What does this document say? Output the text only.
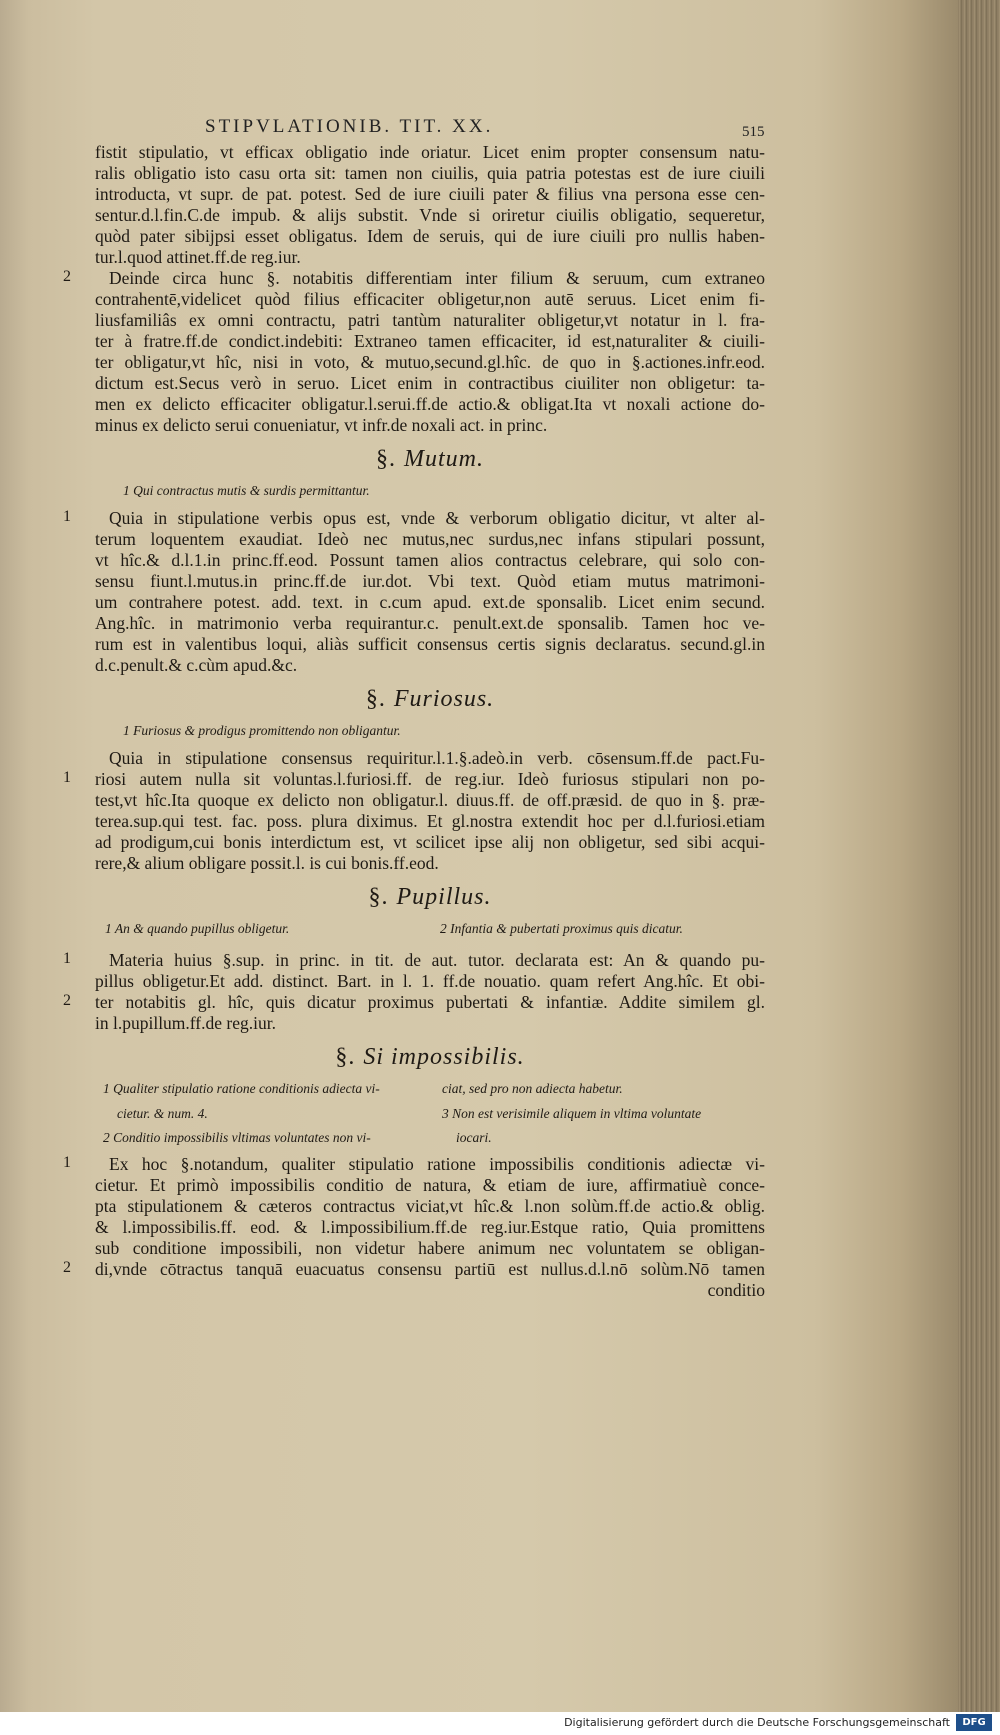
STIPVLATIONIB. TIT. XX.	515
fistit stipulatio, vt efficax obligatio inde oriatur. Licet enim propter consensum natu-
ralis obligatio isto casu orta sit: tamen non ciuilis, quia patria potestas est de iure ciuili
introducta, vt supr. de pat. potest. Sed de iure ciuili pater & filius vna persona esse cen-
sentur.d.l.fin.C.de impub. & alijs substit. Vnde si oriretur ciuilis obligatio, sequeretur,
quòd pater sibijpsi esset obligatus. Idem de seruis, qui de iure ciuili pro nullis haben-
tur.l.quod attinet.ff.de reg.iur.
2	Deinde circa hunc §. notabitis differentiam inter filium & seruum, cum extraneo
contrahentē,videlicet quòd filius efficaciter obligetur,non autē seruus. Licet enim fi-
liusfamiliâs ex omni contractu, patri tantùm naturaliter obligetur,vt notatur in l. fra-
ter à fratre.ff.de condict.indebiti: Extraneo tamen efficaciter, id est,naturaliter & ciuili-
ter obligatur,vt hîc, nisi in voto, & mutuo,secund.gl.hîc. de quo in §.actiones.infr.eod.
dictum est.Secus verò in seruo. Licet enim in contractibus ciuiliter non obligetur: ta-
men ex delicto efficaciter obligatur.l.serui.ff.de actio.& obligat.Ita vt noxali actione do-
minus ex delicto serui conueniatur, vt infr.de noxali act. in princ.
§. Mutum.
1 Qui contractus mutis & surdis permittantur.
1	Quia in stipulatione verbis opus est, vnde & verborum obligatio dicitur, vt alter al-
terum loquentem exaudiat. Ideò nec mutus,nec surdus,nec infans stipulari possunt,
vt hîc.& d.l.1.in princ.ff.eod. Possunt tamen alios contractus celebrare, qui solo con-
sensu fiunt.l.mutus.in princ.ff.de iur.dot. Vbi text. Quòd etiam mutus matrimoni-
um contrahere potest. add. text. in c.cum apud. ext.de sponsalib. Licet enim secund.
Ang.hîc. in matrimonio verba requirantur.c. penult.ext.de sponsalib. Tamen hoc ve-
rum est in valentibus loqui, aliàs sufficit consensus certis signis declaratus. secund.gl.in
d.c.penult.& c.cùm apud.&c.
§. Furiosus.
1 Furiosus & prodigus promittendo non obligantur.
1
Quia in stipulatione consensus requiritur.l.1.§.adeò.in verb. cōsensum.ff.de pact.Fu-
riosi autem nulla sit voluntas.l.furiosi.ff. de reg.iur. Ideò furiosus stipulari non po-
test,vt hîc.Ita quoque ex delicto non obligatur.l. diuus.ff. de off.præsid. de quo in §. præ-
terea.sup.qui test. fac. poss. plura diximus. Et gl.nostra extendit hoc per d.l.furiosi.etiam
ad prodigum,cui bonis interdictum est, vt scilicet ipse alij non obligetur, sed sibi acqui-
rere,& alium obligare possit.l. is cui bonis.ff.eod.
§. Pupillus.
1 An & quando pupillus obligetur.	2 Infantia & pubertati proximus quis dicatur.
1
2
Materia huius §.sup. in princ. in tit. de aut. tutor. declarata est: An & quando pu-
pillus obligetur.Et add. distinct. Bart. in l. 1. ff.de nouatio. quam refert Ang.hîc. Et obi-
ter notabitis gl. hîc, quis dicatur proximus pubertati & infantiæ. Addite similem gl.
in l.pupillum.ff.de reg.iur.
§. Si impossibilis.
1 Qualiter stipulatio ratione conditionis adiecta vi-	ciat, sed pro non adiecta habetur.
cietur. & num. 4.	3 Non est verisimile aliquem in vltima voluntate
2 Conditio impossibilis vltimas voluntates non vi-	iocari.
1
2
Ex hoc §.notandum, qualiter stipulatio ratione impossibilis conditionis adiectæ vi-
cietur. Et primò impossibilis conditio de natura, & etiam de iure, affirmatiuè conce-
pta stipulationem & cæteros contractus viciat,vt hîc.& l.non solùm.ff.de actio.& oblig.
& l.impossibilis.ff. eod. & l.impossibilium.ff.de reg.iur.Estque ratio, Quia promittens
sub conditione impossibili, non videtur habere animum nec voluntatem se obligan-
di,vnde cōtractus tanquā euacuatus consensu partiū est nullus.d.l.nō solùm.Nō tamen
conditio
Digitalisierung gefördert durch die Deutsche Forschungsgemeinschaft	DFG
